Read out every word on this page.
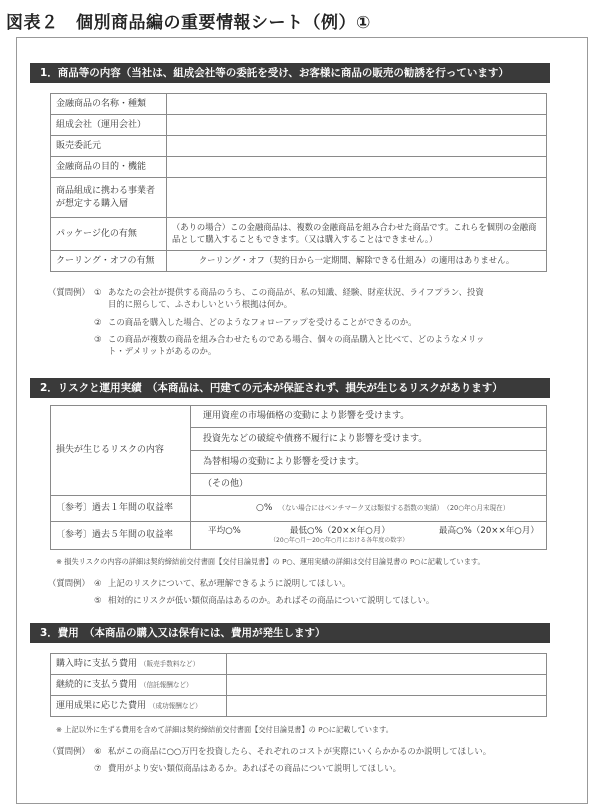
図表２　個別商品編の重要情報シート（例）①
1．商品等の内容（当社は、組成会社等の委託を受け、お客様に商品の販売の勧誘を行っています）
金融商品の名称・種類	
組成会社（運用会社）	
販売委託元	
金融商品の目的・機能	
商品組成に携わる事業者が想定する購入層	
パッケージ化の有無	（ありの場合）この金融商品は、複数の金融商品を組み合わせた商品です。これらを個別の金融商品として購入することもできます。（又は購入することはできません。）
クーリング・オフの有無	クーリング・オフ（契約日から一定期間、解除できる仕組み）の適用はありません。
（質問例） ① あなたの会社が提供する商品のうち、この商品が、私の知識、経験、財産状況、ライフプラン、投資
目的に照らして、ふさわしいという根拠は何か。
② この商品を購入した場合、どのようなフォローアップを受けることができるのか。
③ この商品が複数の商品を組み合わせたものである場合、個々の商品購入と比べて、どのようなメリッ
ト・デメリットがあるのか。
2．リスクと運用実績　（本商品は、円建ての元本が保証されず、損失が生じるリスクがあります）
損失が生じるリスクの内容	運用資産の市場価格の変動により影響を受けます。
	投資先などの破綻や債務不履行により影響を受けます。
	為替相場の変動により影響を受けます。
	（その他）
〔参考〕過去１年間の収益率	○% （ない場合にはベンチマーク又は類似する指数の実績）　（20○年○月末現在）

〔参考〕過去５年間の収益率	平均○% 最低○%（20××年○月） 最高○%（20××年○月）
（20○年○月～20○年○月における各年度の数字）
※ 損失リスクの内容の詳細は契約締結前交付書面【交付目論見書】の P○、運用実績の詳細は交付目論見書の P○に記載しています。
（質問例） ④ 上記のリスクについて、私が理解できるように説明してほしい。
⑤ 相対的にリスクが低い類似商品はあるのか。あればその商品について説明してほしい。
3．費用　（本商品の購入又は保有には、費用が発生します）
購入時に支払う費用 （販売手数料など）	
継続的に支払う費用 （信託報酬など）	
運用成果に応じた費用 （成功報酬など）	
※ 上記以外に生ずる費用を含めて詳細は契約締結前交付書面【交付目論見書】の P○に記載しています。
（質問例） ⑥ 私がこの商品に○○万円を投資したら、それぞれのコストが実際にいくらかかるのか説明してほしい。
⑦ 費用がより安い類似商品はあるか。あればその商品について説明してほしい。
